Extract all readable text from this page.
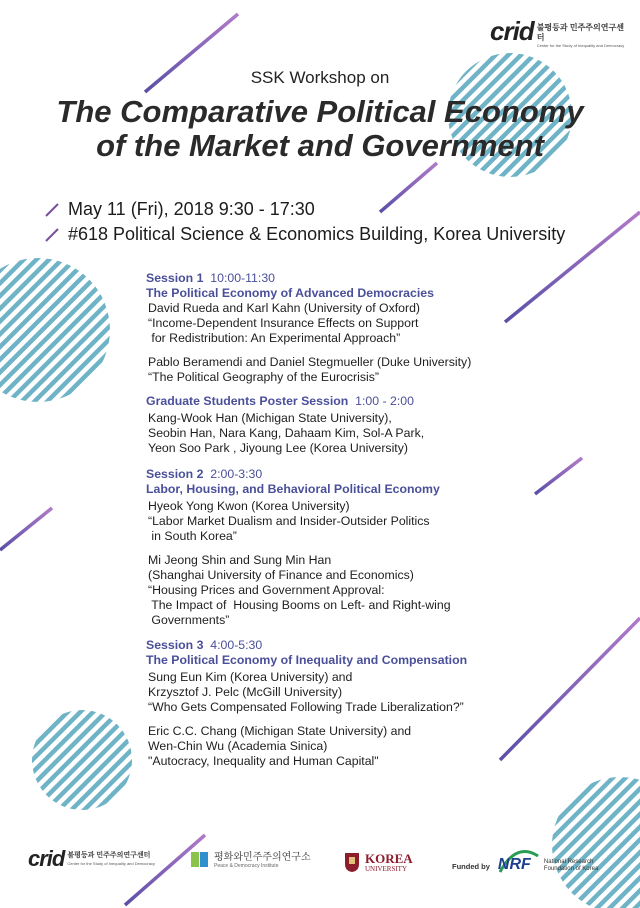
crid 불평등과 민주주의연구센터
Center for the Study of Inequality and Democracy
SSK Workshop on
The Comparative Political Economy
of the Market and Government
May 11 (Fri), 2018 9:30 - 17:30
#618 Political Science & Economics Building, Korea University
Session 1 10:00-11:30
The Political Economy of Advanced Democracies
David Rueda and Karl Kahn (University of Oxford)
“Income-Dependent Insurance Effects on Support
for Redistribution: An Experimental Approach”
Pablo Beramendi and Daniel Stegmueller (Duke University)
“The Political Geography of the Eurocrisis”
Graduate Students Poster Session 1:00 - 2:00
Kang-Wook Han (Michigan State University),
Seobin Han, Nara Kang, Dahaam Kim, Sol-A Park,
Yeon Soo Park , Jiyoung Lee (Korea University)
Session 2 2:00-3:30
Labor, Housing, and Behavioral Political Economy
Hyeok Yong Kwon (Korea University)
“Labor Market Dualism and Insider-Outsider Politics
in South Korea”
Mi Jeong Shin and Sung Min Han
(Shanghai University of Finance and Economics)
“Housing Prices and Government Approval:
The Impact of  Housing Booms on Left- and Right-wing
Governments”
Session 3 4:00-5:30
The Political Economy of Inequality and Compensation
Sung Eun Kim (Korea University) and
Krzysztof J. Pelc (McGill University)
“Who Gets Compensated Following Trade Liberalization?”
Eric C.C. Chang (Michigan State University) and
Wen-Chin Wu (Academia Sinica)
"Autocracy, Inequality and Human Capital"
crid 불평등과 민주주의연구센터
Center for the Study of Inequality and Democracy
평화와민주주의연구소
Peace & Democracy Institute
KOREA
UNIVERSITY	Funded by NRF National Research
Foundation of Korea
